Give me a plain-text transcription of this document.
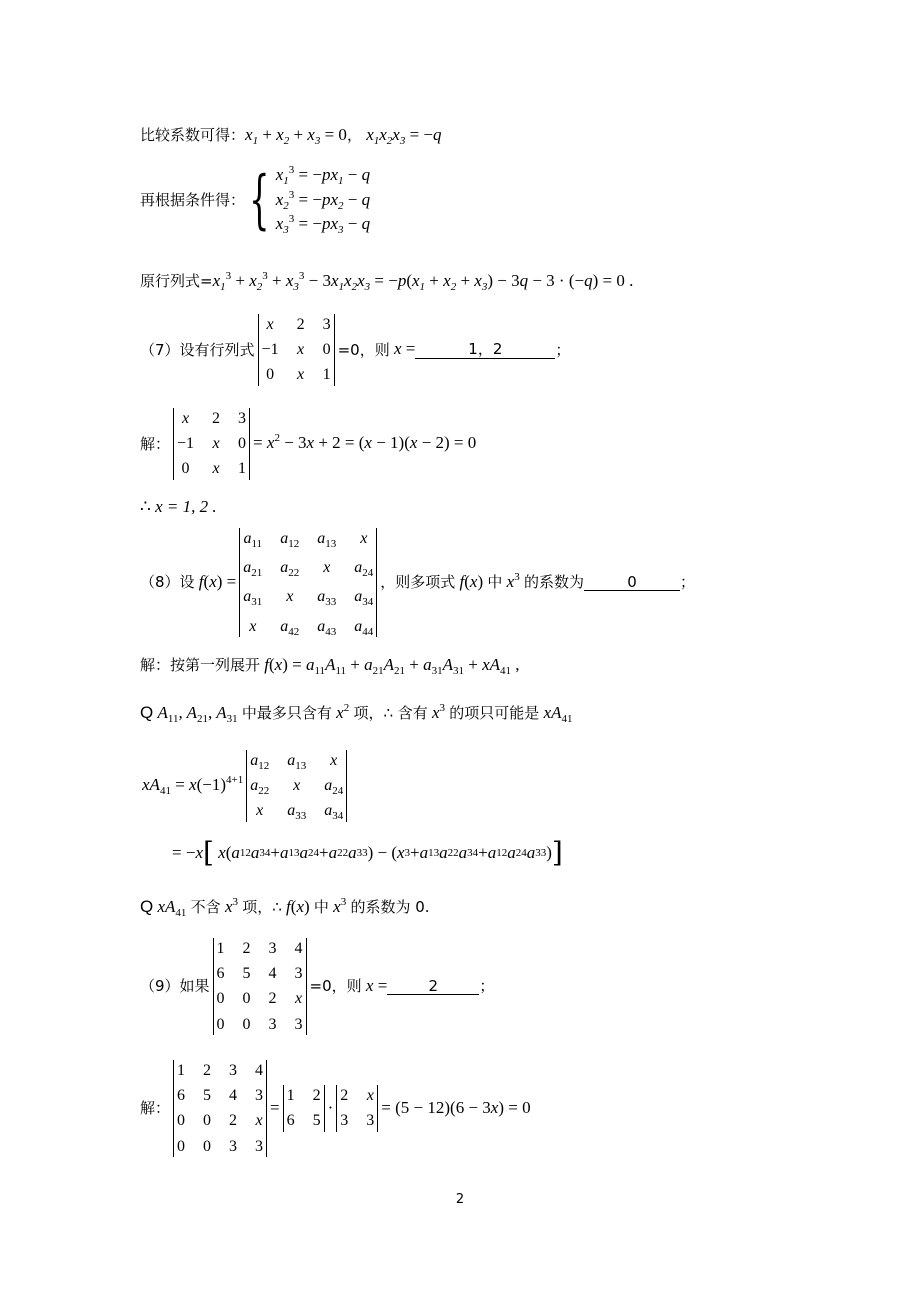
比较系数可得： $x_1 + x_2 + x_3 = 0$ ， $x_1x_2x_3 = -q$
再根据条件得： { $x_1^3 = -px_1 - q$
$x_2^3 = -px_2 - q$
$x_3^3 = -px_3 - q$
原行列式= $x_1^3 + x_2^3 + x_3^3 - 3x_1x_2x_3 = -p(x_1 + x_2 + x_3) - 3q - 3 \cdot (-q) = 0$ .
（7）设有行列式
x	2 3
−1 x 0
0 x 1
=0，则 x =	1，2	；
解：
x	2 3
−1 x 0
0 x 1
= $x^2 - 3x + 2 = (x - 1)(x - 2) = 0$
∴ x = 1, 2 .
（8）设 f(x) =
$a_{11}$ $a_{12}$ $a_{13}$	x
$a_{21}$ $a_{22}$	x	$a_{24}$
$a_{31}$	x	$a_{33}$ $a_{34}$
x	$a_{42}$ $a_{43}$ $a_{44}$
，则多项式 f(x) 中 $x^3$ 的系数为	0	；
解：按第一列展开 $f(x) = a_{11}A_{11} + a_{21}A_{21} + a_{31}A_{31} + xA_{41}$ ,
Q $A_{11}$, $A_{21}$, $A_{31}$ 中最多只含有 $x^2$ 项，∴ 含有 $x^3$ 的项只可能是 $xA_{41}$
$xA_{41} = x(-1)^{4+1}$
$a_{12}$ $a_{13}$	x
$a_{22}$	x	$a_{24}$
x	$a_{33}$ $a_{34}$
= − x [ x ( a 12 a 34 + a 13 a 24 + a 22 a 33 ) − ( x 3 + a 13 a 22 a 34 + a 12 a 24 a 33 ) ]
Q $xA_{41}$ 不含 $x^3$ 项，∴ f(x) 中 $x^3$ 的系数为 0.
（9）如果
1 2 3 4
6 5 4 3
0 0 2 x
0 0 3 3
=0，则 x =	2	；
解：
1 2 3 4
6 5 4 3
0 0 2 x
0 0 3 3
=
1 2
6 5
·
2 x
3 3
= (5 − 12)(6 − 3x) = 0
2
